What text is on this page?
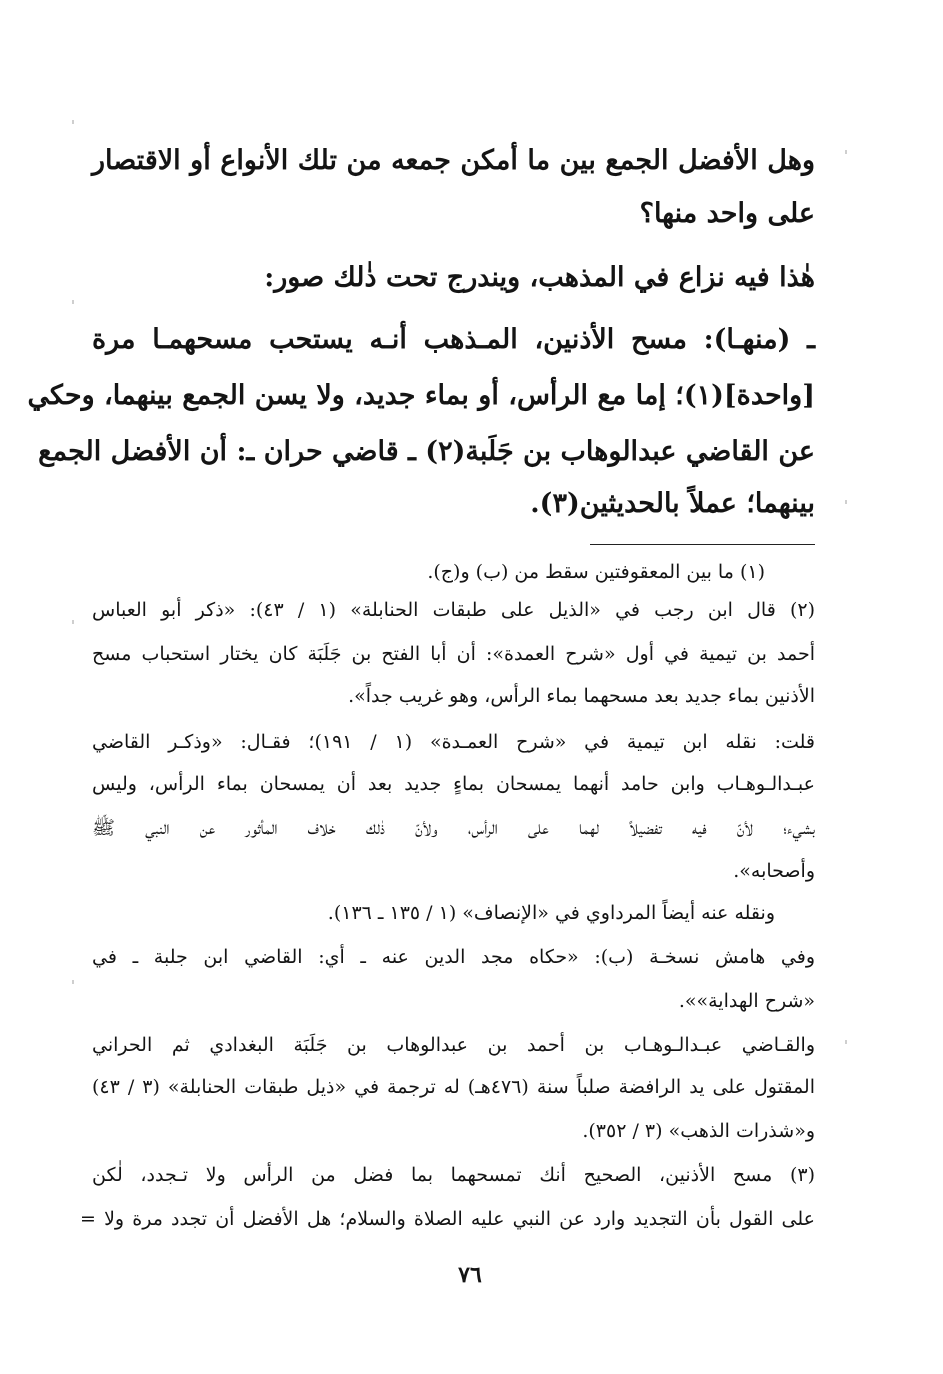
وهل الأفضل الجمع بين ما أمكن جمعه من تلك الأنواع أو الاقتصار
على واحد منها؟
هٰذا فيه نزاع في المذهب، ويندرج تحت ذٰلك صور:
ـ (منهـا): مسح الأذنين، المـذهب أنـه يستحب مسحهمـا مرة
[واحدة](١)؛ إما مع الرأس، أو بماء جديد، ولا يسن الجمع بينهما، وحكي
عن القاضي عبدالوهاب بن جَلَبة(٢) ـ قاضي حران ـ: أن الأفضل الجمع
بينهما؛ عملاً بالحديثين(٣).
(١) ما بين المعقوفتين سقط من (ب) و(ج).
(٢) قال ابن رجب في «الذيل على طبقات الحنابلة» (١ / ٤٣): «ذكر أبو العباس
أحمد بن تيمية في أول «شرح العمدة»: أن أبا الفتح بن جَلَبَة كان يختار استحباب مسح
الأذنين بماء جديد بعد مسحهما بماء الرأس، وهو غريب جداً».
قلت: نقله ابن تيمية في «شرح العمـدة» (١ / ١٩١)؛ فقـال: «وذكـر القاضي
عبـدالـوهـاب وابن حامد أنهما يمسحان بماءٍ جديد بعد أن يمسحان بماء الرأس، وليس
بشيء؛ لأنّ فيه تفضيلاً لهما على الرأس، ولأنّ ذٰلك خلاف المأثور عن النبي ﷺ
وأصحابه».
ونقله عنه أيضاً المرداوي في «الإنصاف» (١ / ١٣٥ ـ ١٣٦).
وفي هامش نسخـة (ب): «حكاه مجد الدين عنه ـ أي: القاضي ابن جلبة ـ في
«شرح الهداية»».
والقـاضي عبـدالـوهـاب بن أحمد بن عبدالوهاب بن جَلَبَة البغدادي ثم الحراني
المقتول على يد الرافضة صلباً سنة (٤٧٦هـ) له ترجمة في «ذيل طبقات الحنابلة» (٣ / ٤٣)
و«شذرات الذهب» (٣ / ٣٥٢).
(٣) مسح الأذنين، الصحيح أنك تمسحهما بما فضل من الرأس ولا تـجدد، لٰكن
على القول بأن التجديد وارد عن النبي عليه الصلاة والسلام؛ هل الأفضل أن تجدد مرة ولا =
٧٦
